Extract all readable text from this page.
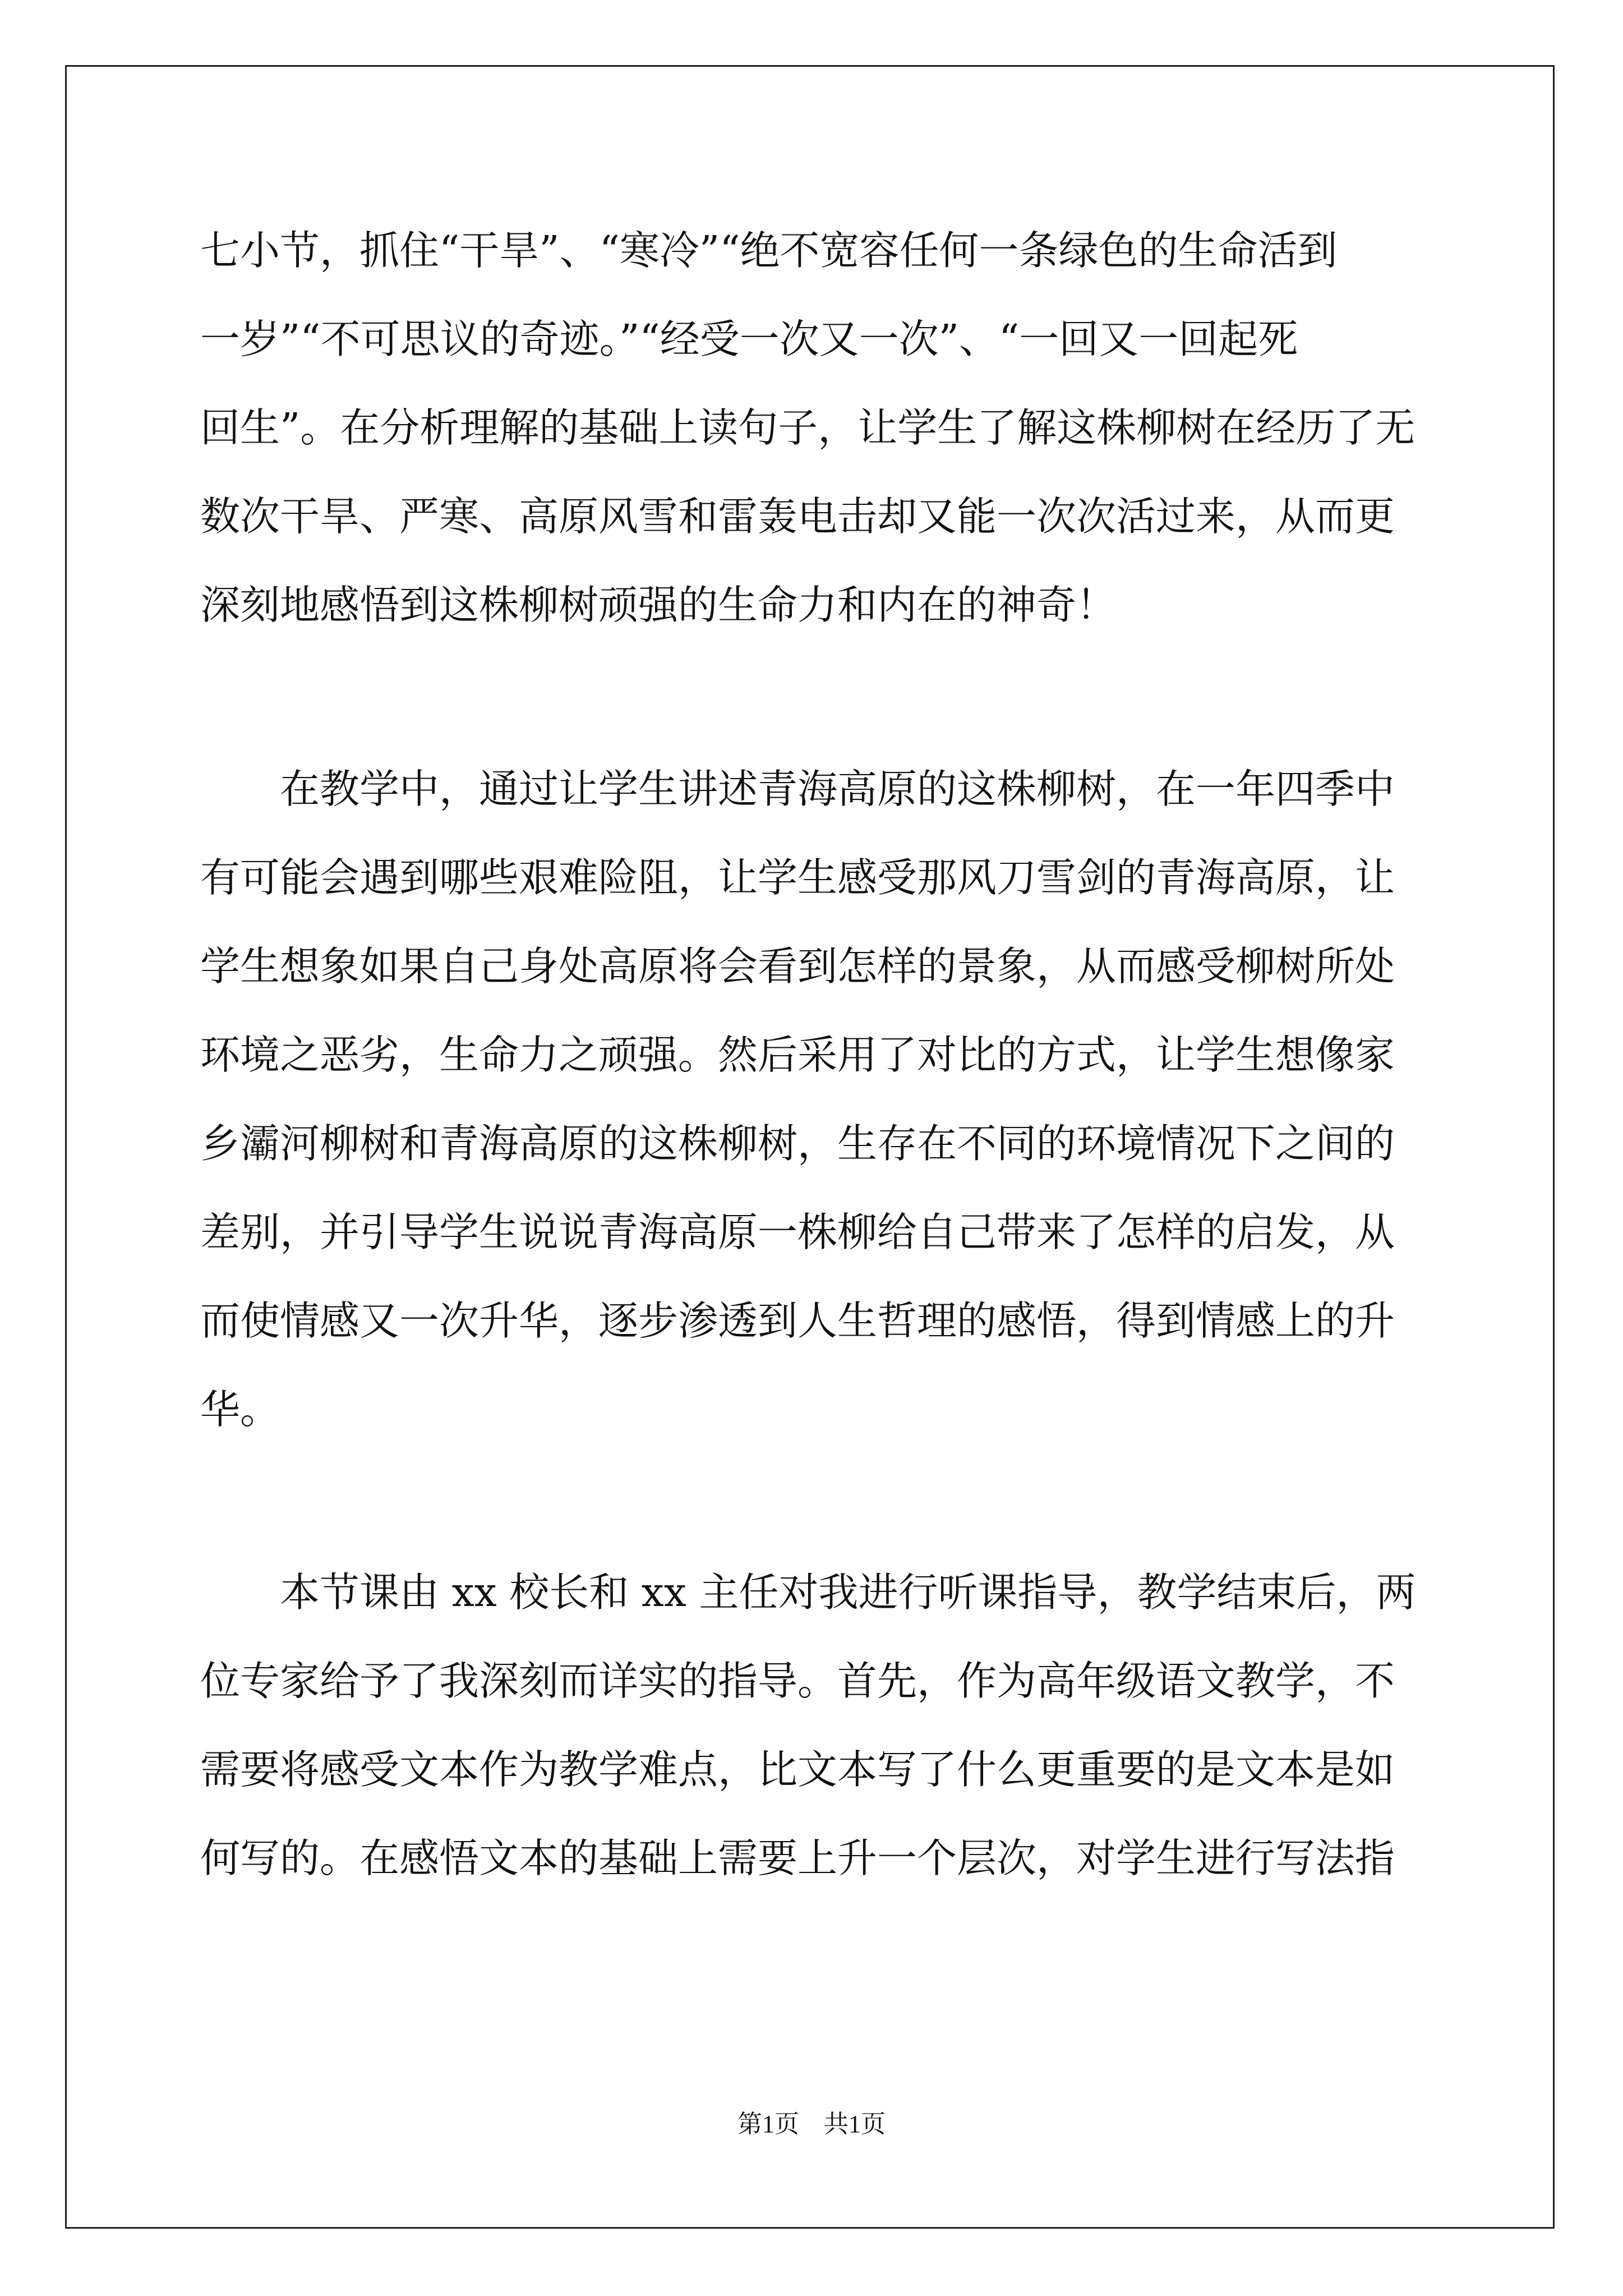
七小节，抓住“干旱”、“寒冷”“绝不宽容任何一条绿色的生命活到
一岁”“不可思议的奇迹。”“经受一次又一次”、“一回又一回起死
回生”。在分析理解的基础上读句子，让学生了解这株柳树在经历了无
数次干旱、严寒、高原风雪和雷轰电击却又能一次次活过来，从而更
深刻地感悟到这株柳树顽强的生命力和内在的神奇！
　　在教学中，通过让学生讲述青海高原的这株柳树，在一年四季中
有可能会遇到哪些艰难险阻，让学生感受那风刀雪剑的青海高原，让
学生想象如果自己身处高原将会看到怎样的景象，从而感受柳树所处
环境之恶劣，生命力之顽强。然后采用了对比的方式，让学生想像家
乡灞河柳树和青海高原的这株柳树，生存在不同的环境情况下之间的
差别，并引导学生说说青海高原一株柳给自己带来了怎样的启发，从
而使情感又一次升华，逐步渗透到人生哲理的感悟，得到情感上的升
华。
　　本节课由 xx 校长和 xx 主任对我进行听课指导，教学结束后，两
位专家给予了我深刻而详实的指导。首先，作为高年级语文教学，不
需要将感受文本作为教学难点，比文本写了什么更重要的是文本是如
何写的。在感悟文本的基础上需要上升一个层次，对学生进行写法指
第1页　共1页
